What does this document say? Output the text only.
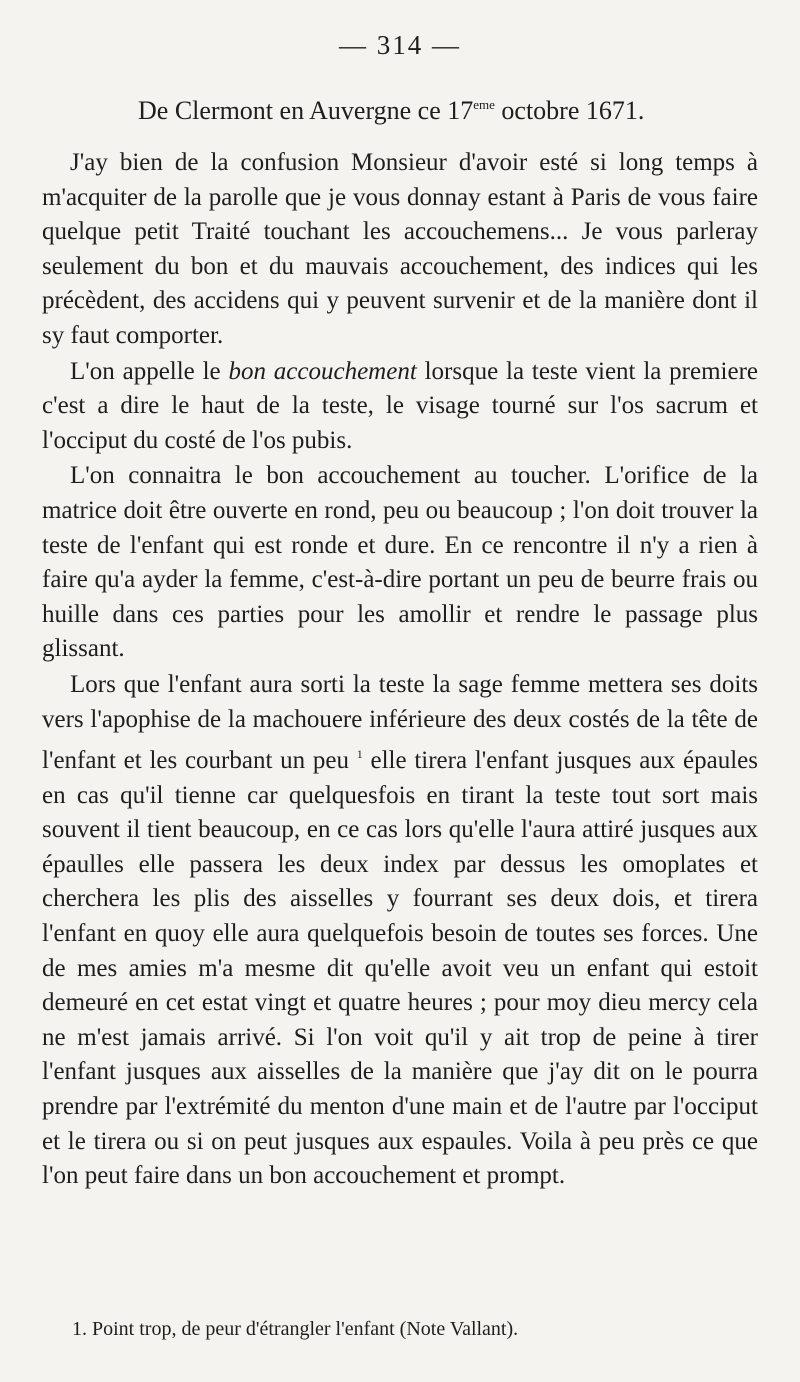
— 314 —
De Clermont en Auvergne ce 17eme octobre 1671.

J'ay bien de la confusion Monsieur d'avoir esté si long temps à m'acquiter de la parolle que je vous donnay estant à Paris de vous faire quelque petit Traité touchant les accouchemens... Je vous parleray seulement du bon et du mauvais accouchement, des indices qui les précèdent, des accidens qui y peuvent survenir et de la manière dont il sy faut comporter.

L'on appelle le bon accouchement lorsque la teste vient la premiere c'est a dire le haut de la teste, le visage tourné sur l'os sacrum et l'occiput du costé de l'os pubis.

L'on connaitra le bon accouchement au toucher. L'orifice de la matrice doit être ouverte en rond, peu ou beaucoup ; l'on doit trouver la teste de l'enfant qui est ronde et dure. En ce rencontre il n'y a rien à faire qu'a ayder la femme, c'est-à-dire portant un peu de beurre frais ou huille dans ces parties pour les amollir et rendre le passage plus glissant.

Lors que l'enfant aura sorti la teste la sage femme mettera ses doits vers l'apophise de la machouere inférieure des deux costés de la tête de l'enfant et les courbant un peu $^1$ elle tirera l'enfant jusques aux épaules en cas qu'il tienne car quelquesfois en tirant la teste tout sort mais souvent il tient beaucoup, en ce cas lors qu'elle l'aura attiré jusques aux épaulles elle passera les deux index par dessus les omoplates et cherchera les plis des aisselles y fourrant ses deux dois, et tirera l'enfant en quoy elle aura quelquefois besoin de toutes ses forces. Une de mes amies m'a mesme dit qu'elle avoit veu un enfant qui estoit demeuré en cet estat vingt et quatre heures ; pour moy dieu mercy cela ne m'est jamais arrivé. Si l'on voit qu'il y ait trop de peine à tirer l'enfant jusques aux aisselles de la manière que j'ay dit on le pourra prendre par l'extrémité du menton d'une main et de l'autre par l'occiput et le tirera ou si on peut jusques aux espaules. Voila à peu près ce que l'on peut faire dans un bon accouchement et prompt.

1. Point trop, de peur d'étrangler l'enfant (Note Vallant).
